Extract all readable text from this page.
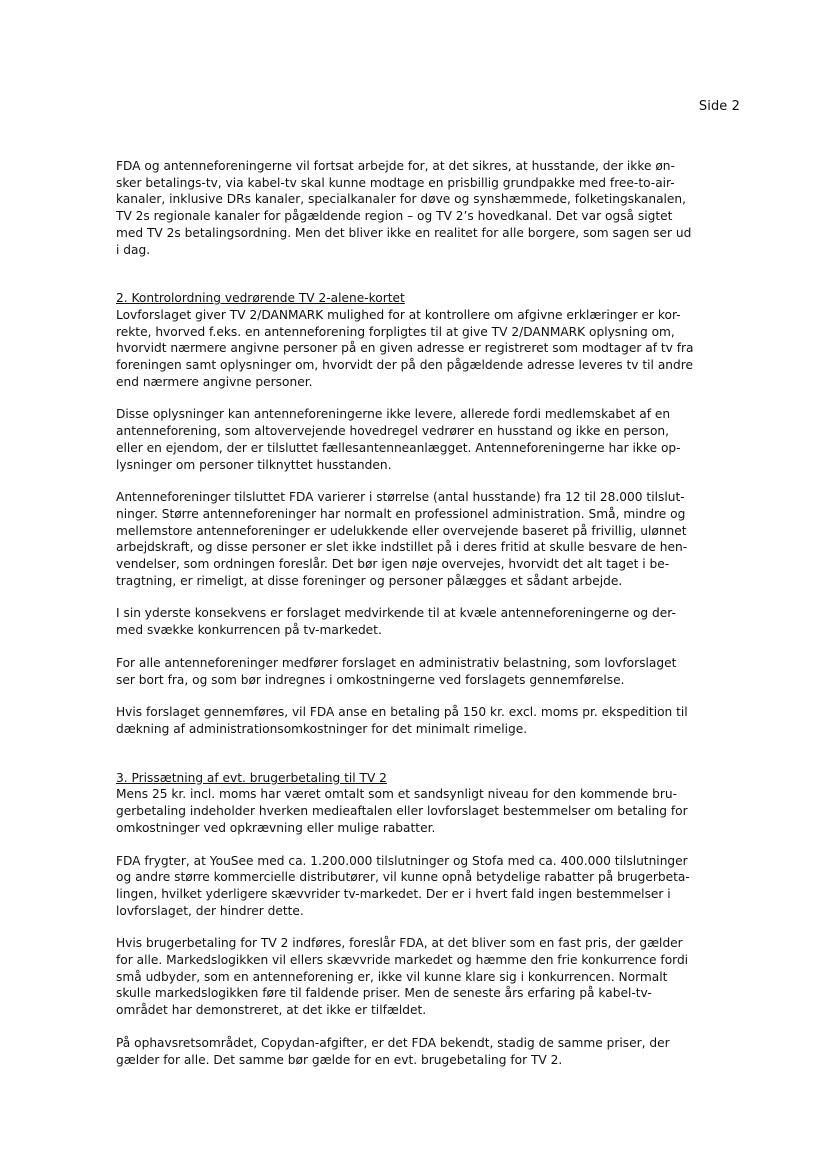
Side 2

FDA og antenneforeningerne vil fortsat arbejde for, at det sikres, at husstande, der ikke øn-
sker betalings-tv, via kabel-tv skal kunne modtage en prisbillig grundpakke med free-to-air-
kanaler, inklusive DRs kanaler, specialkanaler for døve og synshæmmede, folketingskanalen,
TV 2s regionale kanaler for pågældende region – og TV 2’s hovedkanal. Det var også sigtet
med TV 2s betalingsordning. Men det bliver ikke en realitet for alle borgere, som sagen ser ud
i dag.

2. Kontrolordning vedrørende TV 2-alene-kortet

Lovforslaget giver TV 2/DANMARK mulighed for at kontrollere om afgivne erklæringer er kor-
rekte, hvorved f.eks. en antenneforening forpligtes til at give TV 2/DANMARK oplysning om,
hvorvidt nærmere angivne personer på en given adresse er registreret som modtager af tv fra
foreningen samt oplysninger om, hvorvidt der på den pågældende adresse leveres tv til andre
end nærmere angivne personer.

Disse oplysninger kan antenneforeningerne ikke levere, allerede fordi medlemskabet af en
antenneforening, som altovervejende hovedregel vedrører en husstand og ikke en person,
eller en ejendom, der er tilsluttet fællesantenneanlægget. Antenneforeningerne har ikke op-
lysninger om personer tilknyttet husstanden.

Antenneforeninger tilsluttet FDA varierer i størrelse (antal husstande) fra 12 til 28.000 tilslut-
ninger. Større antenneforeninger har normalt en professionel administration. Små, mindre og
mellemstore antenneforeninger er udelukkende eller overvejende baseret på frivillig, ulønnet
arbejdskraft, og disse personer er slet ikke indstillet på i deres fritid at skulle besvare de hen-
vendelser, som ordningen foreslår. Det bør igen nøje overvejes, hvorvidt det alt taget i be-
tragtning, er rimeligt, at disse foreninger og personer pålægges et sådant arbejde.

I sin yderste konsekvens er forslaget medvirkende til at kvæle antenneforeningerne og der-
med svække konkurrencen på tv-markedet.

For alle antenneforeninger medfører forslaget en administrativ belastning, som lovforslaget
ser bort fra, og som bør indregnes i omkostningerne ved forslagets gennemførelse.

Hvis forslaget gennemføres, vil FDA anse en betaling på 150 kr. excl. moms pr. ekspedition til
dækning af administrationsomkostninger for det minimalt rimelige.

3. Prissætning af evt. brugerbetaling til TV 2

Mens 25 kr. incl. moms har været omtalt som et sandsynligt niveau for den kommende bru-
gerbetaling indeholder hverken medieaftalen eller lovforslaget bestemmelser om betaling for
omkostninger ved opkrævning eller mulige rabatter.

FDA frygter, at YouSee med ca. 1.200.000 tilslutninger og Stofa med ca. 400.000 tilslutninger
og andre større kommercielle distributører, vil kunne opnå betydelige rabatter på brugerbeta-
lingen, hvilket yderligere skævvrider tv-markedet. Der er i hvert fald ingen bestemmelser i
lovforslaget, der hindrer dette.

Hvis brugerbetaling for TV 2 indføres, foreslår FDA, at det bliver som en fast pris, der gælder
for alle. Markedslogikken vil ellers skævvride markedet og hæmme den frie konkurrence fordi
små udbyder, som en antenneforening er, ikke vil kunne klare sig i konkurrencen. Normalt
skulle markedslogikken føre til faldende priser. Men de seneste års erfaring på kabel-tv-
området har demonstreret, at det ikke er tilfældet.

På ophavsretsområdet, Copydan-afgifter, er det FDA bekendt, stadig de samme priser, der
gælder for alle. Det samme bør gælde for en evt. brugebetaling for TV 2.
